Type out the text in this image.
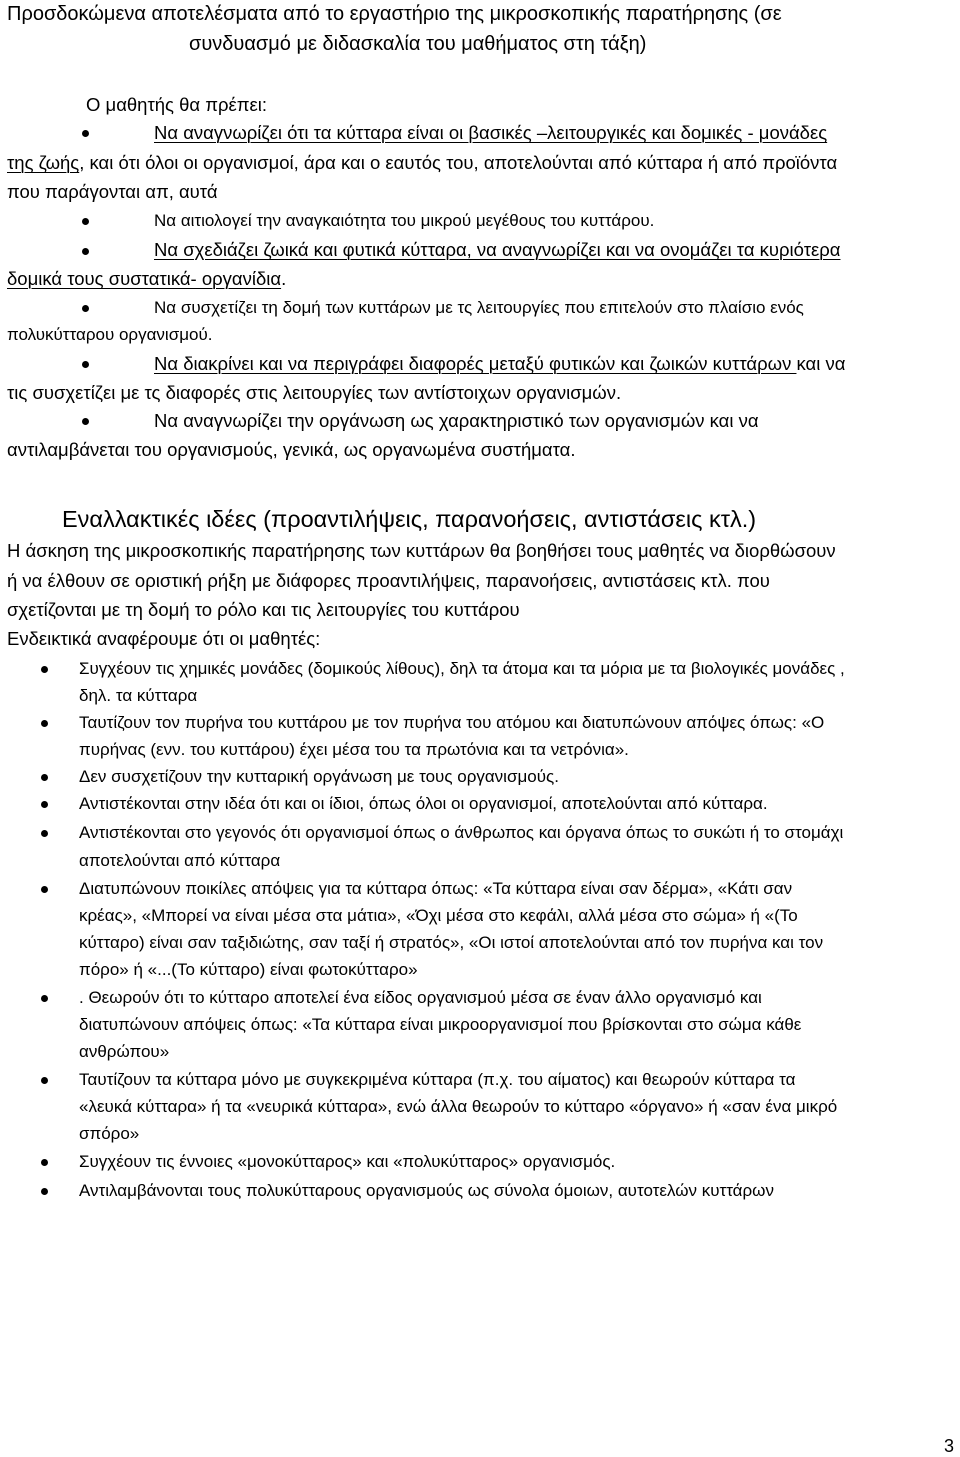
Προσδοκώμενα αποτελέσματα από το εργαστήριο της μικροσκοπικής παρατήρησης (σε
συνδυασμό με διδασκαλία του μαθήματος στη τάξη)
Ο μαθητής θα πρέπει:
Να αναγνωρίζει ότι τα κύτταρα είναι οι βασικές –λειτουργικές και δομικές - μονάδες
της ζωής, και ότι όλοι οι οργανισμοί, άρα και ο εαυτός του, αποτελούνται από κύτταρα ή από προϊόντα
που παράγονται απ, αυτά
Να αιτιολογεί την αναγκαιότητα του μικρού μεγέθους του κυττάρου.
Να σχεδιάζει ζωικά και φυτικά κύτταρα, να αναγνωρίζει και να ονομάζει τα κυριότερα
δομικά τους συστατικά- οργανίδια.
Να συσχετίζει τη δομή των κυττάρων με τς λειτουργίες που επιτελούν στο πλαίσιο ενός
πολυκύτταρου οργανισμού.
Να διακρίνει και να περιγράφει διαφορές μεταξύ φυτικών και ζωικών κυττάρων και να
τις συσχετίζει με τς διαφορές στις λειτουργίες των αντίστοιχων οργανισμών.
Να αναγνωρίζει την οργάνωση ως χαρακτηριστικό των οργανισμών και να
αντιλαμβάνεται του οργανισμούς, γενικά, ως οργανωμένα συστήματα.
Εναλλακτικές ιδέες (προαντιλήψεις, παρανοήσεις, αντιστάσεις κτλ.)
Η άσκηση της μικροσκοπικής παρατήρησης των κυττάρων θα βοηθήσει τους μαθητές να διορθώσουν
ή να έλθουν σε οριστική ρήξη με διάφορες προαντιλήψεις, παρανοήσεις, αντιστάσεις κτλ. που
σχετίζονται με τη δομή το ρόλο και τις λειτουργίες του κυττάρου
Ενδεικτικά αναφέρουμε ότι οι μαθητές:
Συγχέουν τις χημικές μονάδες (δομικούς λίθους), δηλ τα άτομα και τα μόρια με τα βιολογικές μονάδες ,
δηλ. τα κύτταρα
Ταυτίζουν τον πυρήνα του κυττάρου με τον πυρήνα του ατόμου και διατυπώνουν απόψες όπως: «Ο
πυρήνας (ενν. του κυττάρου) έχει μέσα του τα πρωτόνια και τα νετρόνια».
Δεν συσχετίζουν την κυτταρική οργάνωση με τους οργανισμούς.
Αντιστέκονται στην ιδέα ότι και οι ίδιοι, όπως όλοι οι οργανισμοί, αποτελούνται από κύτταρα.
Αντιστέκονται στο γεγονός ότι οργανισμοί όπως ο άνθρωπος και όργανα όπως το συκώτι ή το στομάχι
αποτελούνται από κύτταρα
Διατυπώνουν ποικίλες απόψεις για τα κύτταρα όπως: «Τα κύτταρα είναι σαν δέρμα», «Κάτι σαν
κρέας», «Μπορεί να είναι μέσα στα μάτια», «Όχι μέσα στο κεφάλι, αλλά μέσα στο σώμα» ή «(Το
κύτταρο) είναι σαν ταξιδιώτης, σαν ταξί ή στρατός», «Οι ιστοί αποτελούνται από τον πυρήνα και τον
πόρο» ή «...(Το κύτταρο) είναι φωτοκύτταρο»
. Θεωρούν ότι το κύτταρο αποτελεί ένα είδος οργανισμού μέσα σε έναν άλλο οργανισμό και
διατυπώνουν απόψεις όπως: «Τα κύτταρα είναι μικροοργανισμοί που βρίσκονται στο σώμα κάθε
ανθρώπου»
Ταυτίζουν τα κύτταρα μόνο με συγκεκριμένα κύτταρα (π.χ. του αίματος) και θεωρούν κύτταρα τα
«λευκά κύτταρα» ή τα «νευρικά κύτταρα», ενώ άλλα θεωρούν το κύτταρο «όργανο» ή «σαν ένα μικρό
σπόρο»
Συγχέουν τις έννοιες «μονοκύτταρος» και «πολυκύτταρος» οργανισμός.
Αντιλαμβάνονται τους πολυκύτταρους οργανισμούς ως σύνολα όμοιων, αυτοτελών κυττάρων
3
